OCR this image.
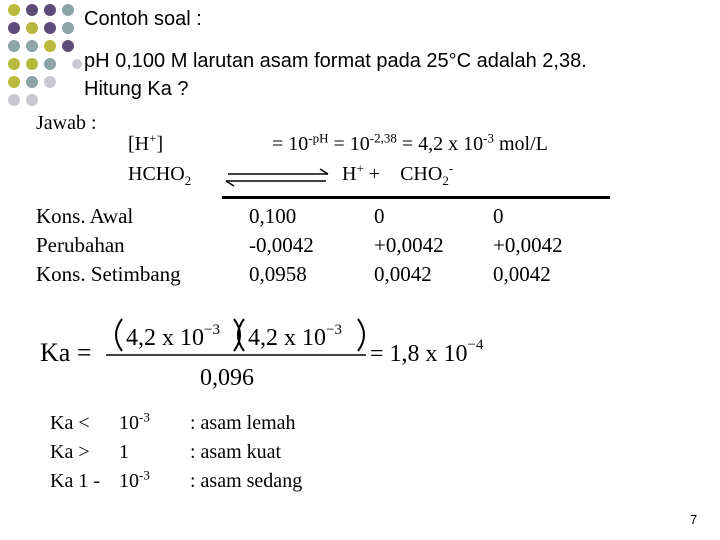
Contoh soal :
pH 0,100 M larutan asam format pada 25°C adalah 2,38.
Hitung Ka ?
Jawab :
[H+]	= $10^{-pH} = 10^{-2,38} = 4,2$ x $10^{-3}$ mol/L
$HCHO_2$	H+ +    $CHO_2^-$
Kons. Awal	0,100	0	0
Perubahan	-0,0042	+0,0042 +0,0042
Kons. Setimbang	0,0958	0,0042	0,0042
Ka = 4,2 x $10^{-3}$ 4,2 x $10^{-3}$
0,096
= 1,8 x $10^{-4}$
$Ka < 10^{-3}$ : asam lemah
Ka > 1	: asam kuat
Ka $1 - 10^{-3}$ : asam sedang
7
